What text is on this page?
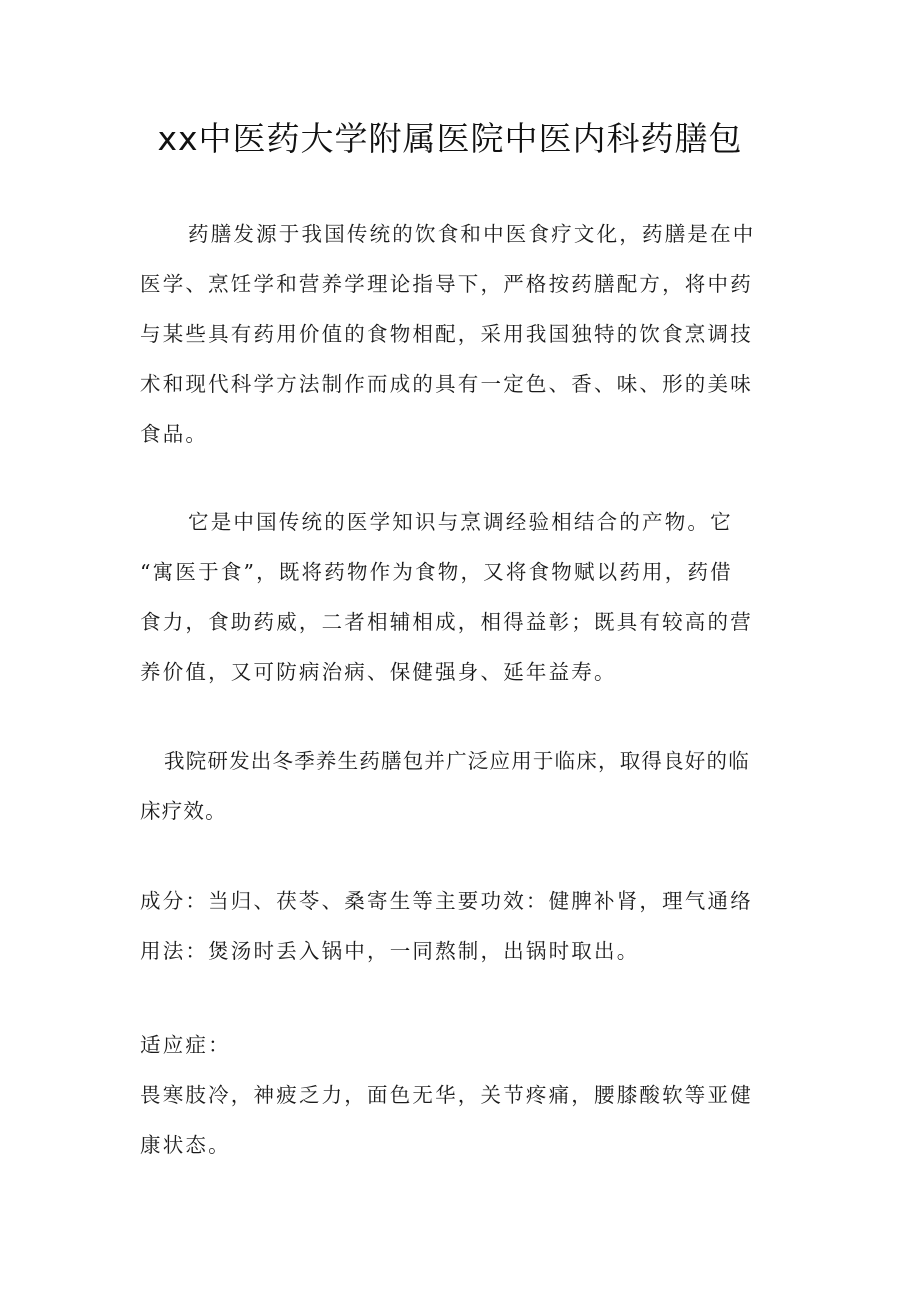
xx中医药大学附属医院中医内科药膳包

药膳发源于我国传统的饮食和中医食疗文化，药膳是在中
医学、烹饪学和营养学理论指导下，严格按药膳配方，将中药
与某些具有药用价值的食物相配，采用我国独特的饮食烹调技
术和现代科学方法制作而成的具有一定色、香、味、形的美味
食品。

它是中国传统的医学知识与烹调经验相结合的产物。它
“寓医于食”，既将药物作为食物，又将食物赋以药用，药借
食力，食助药威，二者相辅相成，相得益彰；既具有较高的营
养价值，又可防病治病、保健强身、延年益寿。

我院研发出冬季养生药膳包并广泛应用于临床，取得良好的临
床疗效。

成分：当归、茯苓、桑寄生等主要功效：健脾补肾，理气通络
用法：煲汤时丢入锅中，一同熬制，出锅时取出。

适应症：
畏寒肢冷，神疲乏力，面色无华，关节疼痛，腰膝酸软等亚健
康状态。
